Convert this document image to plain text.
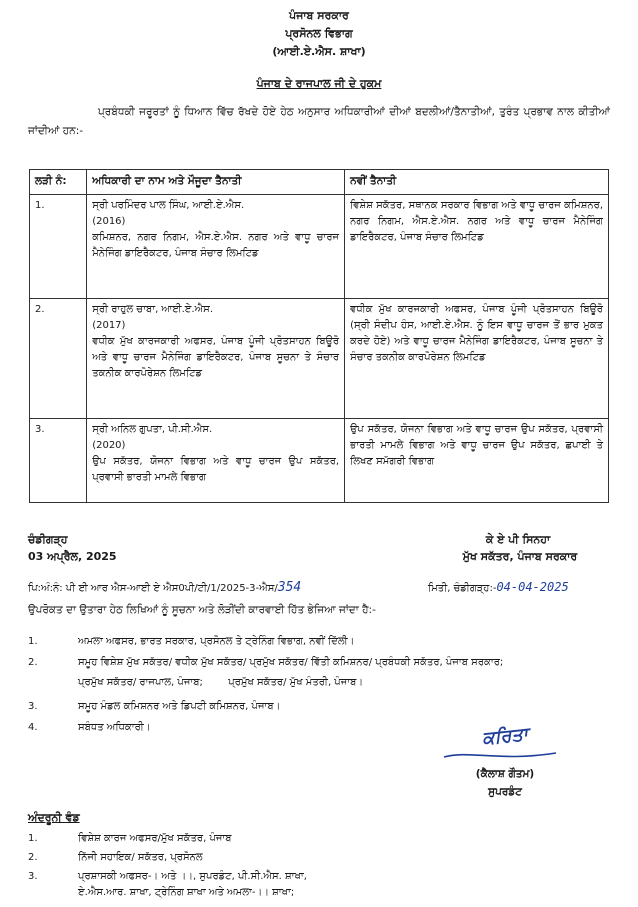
ਪੰਜਾਬ ਸਰਕਾਰ
ਪ੍ਰਸੋਨਲ ਵਿਭਾਗ
(ਆਈ.ਏ.ਐਸ. ਸ਼ਾਖਾ)
ਪੰਜਾਬ ਦੇ ਰਾਜਪਾਲ ਜੀ ਦੇ ਹੁਕਮ
ਪ੍ਰਬੰਧਕੀ ਜਰੂਰਤਾਂ ਨੂੰ ਧਿਆਨ ਵਿੱਚ ਰੱਖਦੇ ਹੋਏ ਹੇਠ ਅਨੁਸਾਰ ਅਧਿਕਾਰੀਆਂ ਦੀਆਂ ਬਦਲੀਆਂ/ਤੈਨਾਤੀਆਂ, ਤੁਰੰਤ ਪ੍ਰਭਾਵ ਨਾਲ ਕੀਤੀਆਂ ਜਾਂਦੀਆਂ ਹਨ:-
ਲੜੀ ਨੰ:	ਅਧਿਕਾਰੀ ਦਾ ਨਾਮ ਅਤੇ ਮੌਜੂਦਾ ਤੈਨਾਤੀ	ਨਵੀਂ ਤੈਨਾਤੀ
1.	ਸ੍ਰੀ ਪਰਮਿੰਦਰ ਪਾਲ ਸਿੰਘ, ਆਈ.ਏ.ਐਸ.
(2016)
ਕਮਿਸ਼ਨਰ, ਨਗਰ ਨਿਗਮ, ਐਸ.ਏ.ਐਸ. ਨਗਰ ਅਤੇ ਵਾਧੂ ਚਾਰਜ ਮੈਨੇਜਿੰਗ ਡਾਇਰੈਕਟਰ, ਪੰਜਾਬ ਸੰਚਾਰ ਲਿਮਟਿਡ	ਵਿਸ਼ੇਸ਼ ਸਕੱਤਰ, ਸਥਾਨਕ ਸਰਕਾਰ ਵਿਭਾਗ ਅਤੇ ਵਾਧੂ ਚਾਰਜ ਕਮਿਸ਼ਨਰ, ਨਗਰ ਨਿਗਮ, ਐਸ.ਏ.ਐਸ. ਨਗਰ ਅਤੇ ਵਾਧੂ ਚਾਰਜ ਮੈਨੇਜਿੰਗ ਡਾਇਰੈਕਟਰ, ਪੰਜਾਬ ਸੰਚਾਰ ਲਿਮਟਿਡ
2.	ਸ੍ਰੀ ਰਾਹੁਲ ਚਾਬਾ, ਆਈ.ਏ.ਐਸ.
(2017)
ਵਧੀਕ ਮੁੱਖ ਕਾਰਜਕਾਰੀ ਅਫਸਰ, ਪੰਜਾਬ ਪੂੰਜੀ ਪ੍ਰੋਤਸਾਹਨ ਬਿਊਰੋ ਅਤੇ ਵਾਧੂ ਚਾਰਜ ਮੈਨੇਜਿੰਗ ਡਾਇਰੈਕਟਰ, ਪੰਜਾਬ ਸੂਚਨਾ ਤੇ ਸੰਚਾਰ ਤਕਨੀਕ ਕਾਰਪੋਰੇਸ਼ਨ ਲਿਮਟਿਡ	ਵਧੀਕ ਮੁੱਖ ਕਾਰਜਕਾਰੀ ਅਫਸਰ, ਪੰਜਾਬ ਪੂੰਜੀ ਪ੍ਰੋਤਸਾਹਨ ਬਿਊਰੋ (ਸ੍ਰੀ ਸੰਦੀਪ ਹੰਸ, ਆਈ.ਏ.ਐਸ. ਨੂੰ ਇਸ ਵਾਧੂ ਚਾਰਜ ਤੋਂ ਭਾਰ ਮੁਕਤ ਕਰਦੇ ਹੋਏ) ਅਤੇ ਵਾਧੂ ਚਾਰਜ ਮੈਨੇਜਿੰਗ ਡਾਇਰੈਕਟਰ, ਪੰਜਾਬ ਸੂਚਨਾ ਤੇ ਸੰਚਾਰ ਤਕਨੀਕ ਕਾਰਪੋਰੇਸ਼ਨ ਲਿਮਟਿਡ
3.	ਸ੍ਰੀ ਅਨਿਲ ਗੁਪਤਾ, ਪੀ.ਸੀ.ਐਸ.
(2020)
ਉਪ ਸਕੱਤਰ, ਯੋਜਨਾ ਵਿਭਾਗ ਅਤੇ ਵਾਧੂ ਚਾਰਜ ਉਪ ਸਕੱਤਰ, ਪ੍ਰਵਾਸੀ ਭਾਰਤੀ ਮਾਮਲੇ ਵਿਭਾਗ	ਉਪ ਸਕੱਤਰ, ਯੋਜਨਾ ਵਿਭਾਗ ਅਤੇ ਵਾਧੂ ਚਾਰਜ ਉਪ ਸਕੱਤਰ, ਪ੍ਰਵਾਸੀ ਭਾਰਤੀ ਮਾਮਲੇ ਵਿਭਾਗ ਅਤੇ ਵਾਧੂ ਚਾਰਜ ਉਪ ਸਕੱਤਰ, ਛਪਾਈ ਤੇ ਲਿਖਣ ਸਮੱਗਰੀ ਵਿਭਾਗ
ਚੰਡੀਗੜ੍ਹ
03 ਅਪ੍ਰੈਲ, 2025
ਕੇ ਏ ਪੀ ਸਿਨਹਾ
ਮੁੱਖ ਸਕੱਤਰ, ਪੰਜਾਬ ਸਰਕਾਰ
ਪਿ:ਅੰ:ਨੰ: ਪੀ ਈ ਆਰ ਐਸ-ਆਈ ਏ ਐਸ0ਪੀ/ਟੀ/1/2025-3-ਐਸ/354	ਮਿਤੀ, ਚੰਡੀਗੜ੍ਹ:-04-04-2025
ਉਪਰੋਕਤ ਦਾ ਉਤਾਰਾ ਹੇਠ ਲਿਖਿਆਂ ਨੂੰ ਸੂਚਨਾ ਅਤੇ ਲੋੜੀਂਦੀ ਕਾਰਵਾਈ ਹਿੱਤ ਭੇਜਿਆ ਜਾਂਦਾ ਹੈ:-
1.	ਅਮਲਾ ਅਫਸਰ, ਭਾਰਤ ਸਰਕਾਰ, ਪ੍ਰਸੋਨਲ ਤੇ ਟ੍ਰੇਨਿੰਗ ਵਿਭਾਗ, ਨਵੀਂ ਦਿੱਲੀ।
2.	ਸਮੂਹ ਵਿਸ਼ੇਸ਼ ਮੁੱਖ ਸਕੱਤਰ/ ਵਧੀਕ ਮੁੱਖ ਸਕੱਤਰ/ ਪ੍ਰਮੁੱਖ ਸਕੱਤਰ/ ਵਿੱਤੀ ਕਮਿਸ਼ਨਰ/ ਪ੍ਰਬੰਧਕੀ ਸਕੱਤਰ, ਪੰਜਾਬ ਸਰਕਾਰ;
ਪ੍ਰਮੁੱਖ ਸਕੱਤਰ/ ਰਾਜਪਾਲ, ਪੰਜਾਬ;        ਪ੍ਰਮੁੱਖ ਸਕੱਤਰ/ ਮੁੱਖ ਮੰਤਰੀ, ਪੰਜਾਬ।
3.	ਸਮੂਹ ਮੰਡਲ ਕਮਿਸ਼ਨਰ ਅਤੇ ਡਿਪਟੀ ਕਮਿਸ਼ਨਰ, ਪੰਜਾਬ।
4.	ਸਬੰਧਤ ਅਧਿਕਾਰੀ।	ਕਰਿਤਾ
(ਕੈਲਾਸ਼ ਗੌਤਮ)
ਸੁਪਰਡੰਟ
ਅੰਦਰੂਨੀ ਵੰਡ
1.	ਵਿਸ਼ੇਸ਼ ਕਾਰਜ ਅਫਸਰ/ਮੁੱਖ ਸਕੱਤਰ, ਪੰਜਾਬ
2.	ਨਿੱਜੀ ਸਹਾਇਕ/ ਸਕੱਤਰ, ਪ੍ਰਸੋਨਲ
3.	ਪ੍ਰਸ਼ਾਸਕੀ ਅਫਸਰ-। ਅਤੇ ।।, ਸੁਪਰਡੰਟ, ਪੀ.ਸੀ.ਐਸ. ਸ਼ਾਖਾ,
ਏ.ਐਸ.ਆਰ. ਸ਼ਾਖਾ, ਟ੍ਰੇਨਿੰਗ ਸ਼ਾਖਾ ਅਤੇ ਅਮਲਾ-।। ਸ਼ਾਖਾ;
